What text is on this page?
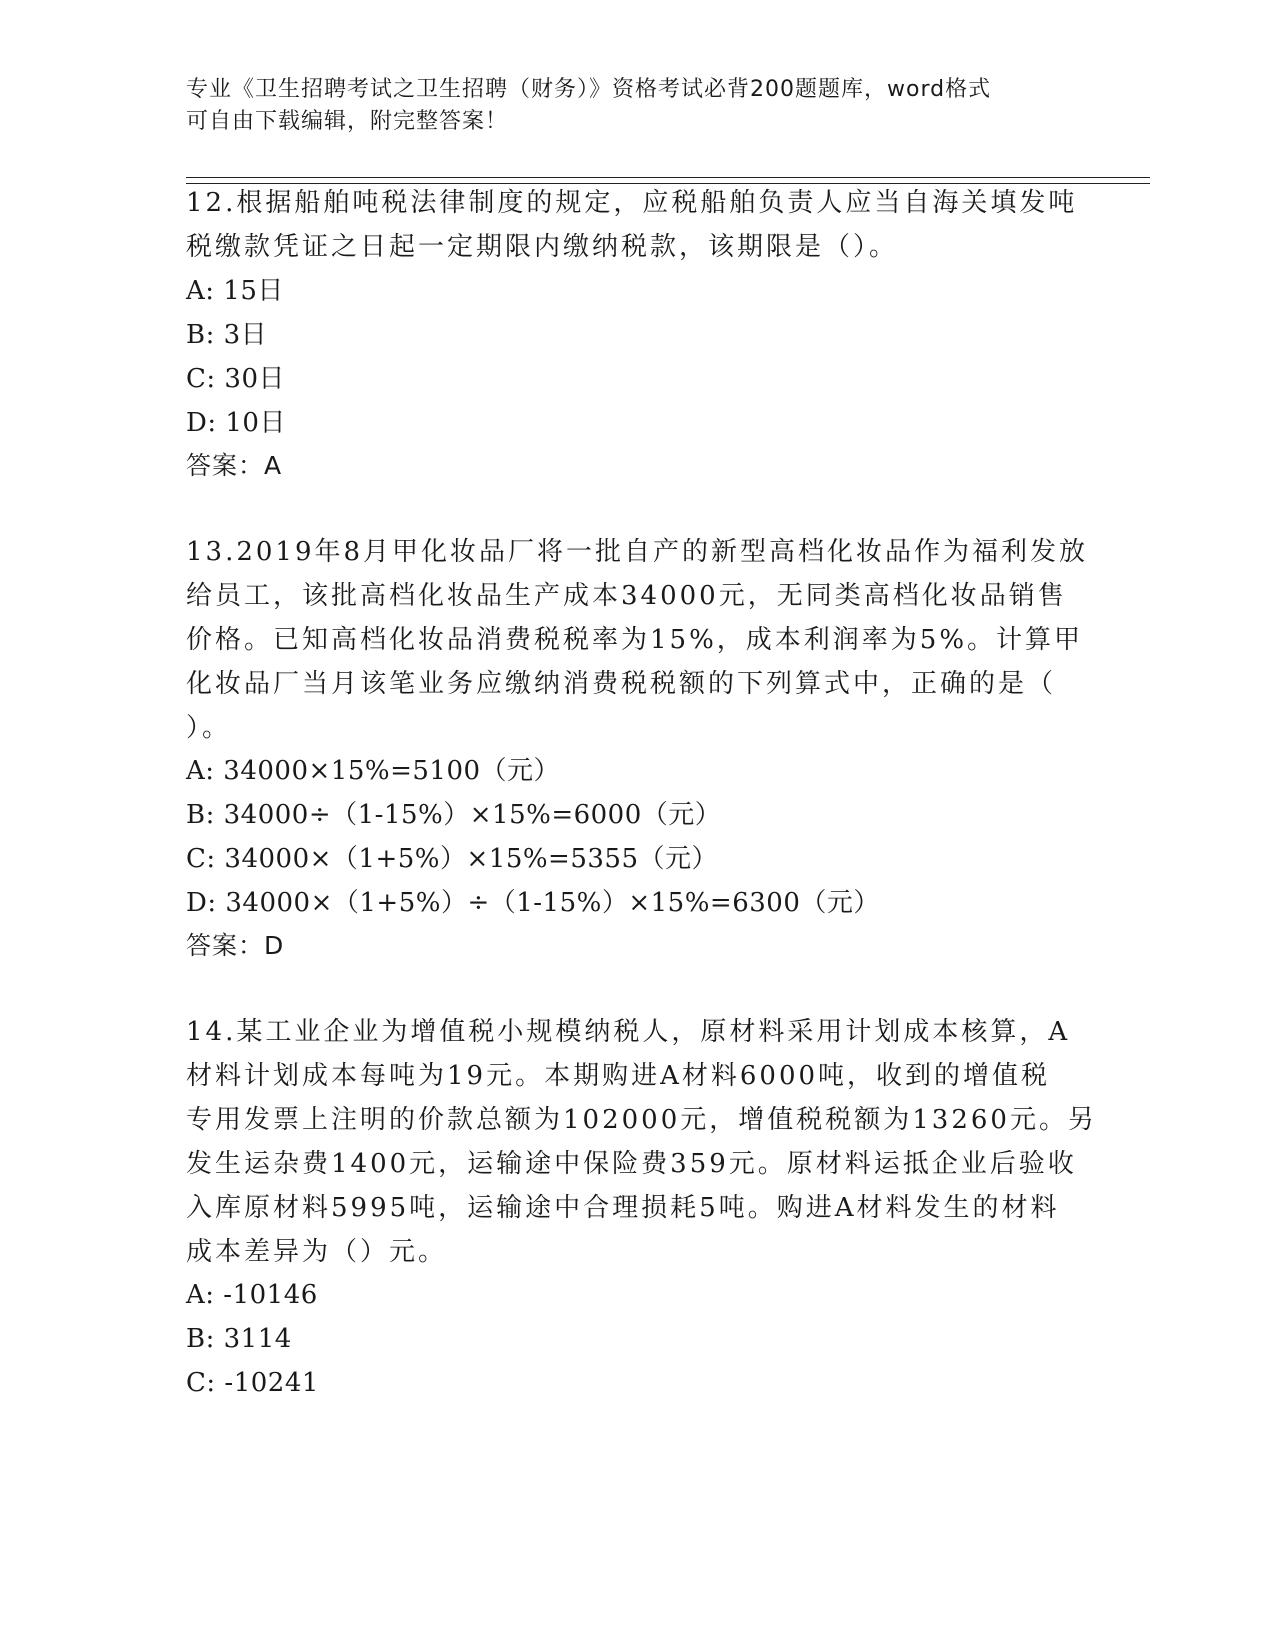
专业《卫生招聘考试之卫生招聘（财务）》资格考试必背200题题库，word格式
可自由下载编辑，附完整答案！
12.根据船舶吨税法律制度的规定，应税船舶负责人应当自海关填发吨
税缴款凭证之日起一定期限内缴纳税款，该期限是（）。
A: 15日
B: 3日
C: 30日
D: 10日
答案：A
13.2019年8月甲化妆品厂将一批自产的新型高档化妆品作为福利发放
给员工，该批高档化妆品生产成本34000元，无同类高档化妆品销售
价格。已知高档化妆品消费税税率为15%，成本利润率为5%。计算甲
化妆品厂当月该笔业务应缴纳消费税税额的下列算式中，正确的是（
）。
A: 34000×15%=5100（元）
B: 34000÷（1-15%）×15%=6000（元）
C: 34000×（1+5%）×15%=5355（元）
D: 34000×（1+5%）÷（1-15%）×15%=6300（元）
答案：D
14.某工业企业为增值税小规模纳税人，原材料采用计划成本核算，A
材料计划成本每吨为19元。本期购进A材料6000吨，收到的增值税
专用发票上注明的价款总额为102000元，增值税税额为13260元。另
发生运杂费1400元，运输途中保险费359元。原材料运抵企业后验收
入库原材料5995吨，运输途中合理损耗5吨。购进A材料发生的材料
成本差异为（）元。
A: -10146
B: 3114
C: -10241
